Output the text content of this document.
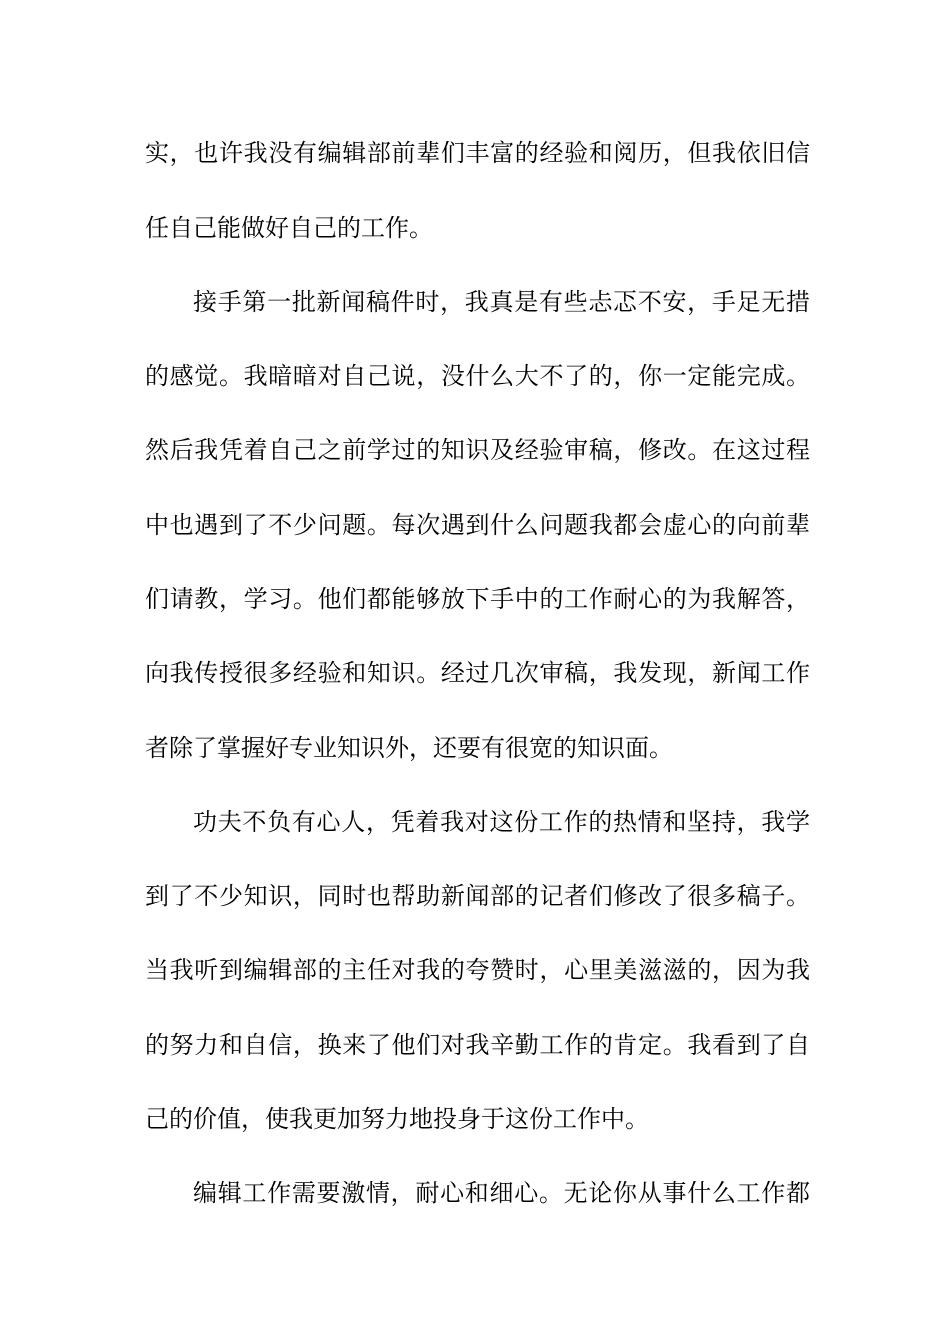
实，也许我没有编辑部前辈们丰富的经验和阅历，但我依旧信

任自己能做好自己的工作。

接手第一批新闻稿件时，我真是有些忐忑不安，手足无措

的感觉。我暗暗对自己说，没什么大不了的，你一定能完成。

然后我凭着自己之前学过的知识及经验审稿，修改。在这过程

中也遇到了不少问题。每次遇到什么问题我都会虚心的向前辈

们请教，学习。他们都能够放下手中的工作耐心的为我解答，

向我传授很多经验和知识。经过几次审稿，我发现，新闻工作

者除了掌握好专业知识外，还要有很宽的知识面。

功夫不负有心人，凭着我对这份工作的热情和坚持，我学

到了不少知识，同时也帮助新闻部的记者们修改了很多稿子。

当我听到编辑部的主任对我的夸赞时，心里美滋滋的，因为我

的努力和自信，换来了他们对我辛勤工作的肯定。我看到了自

己的价值，使我更加努力地投身于这份工作中。

编辑工作需要激情，耐心和细心。无论你从事什么工作都
